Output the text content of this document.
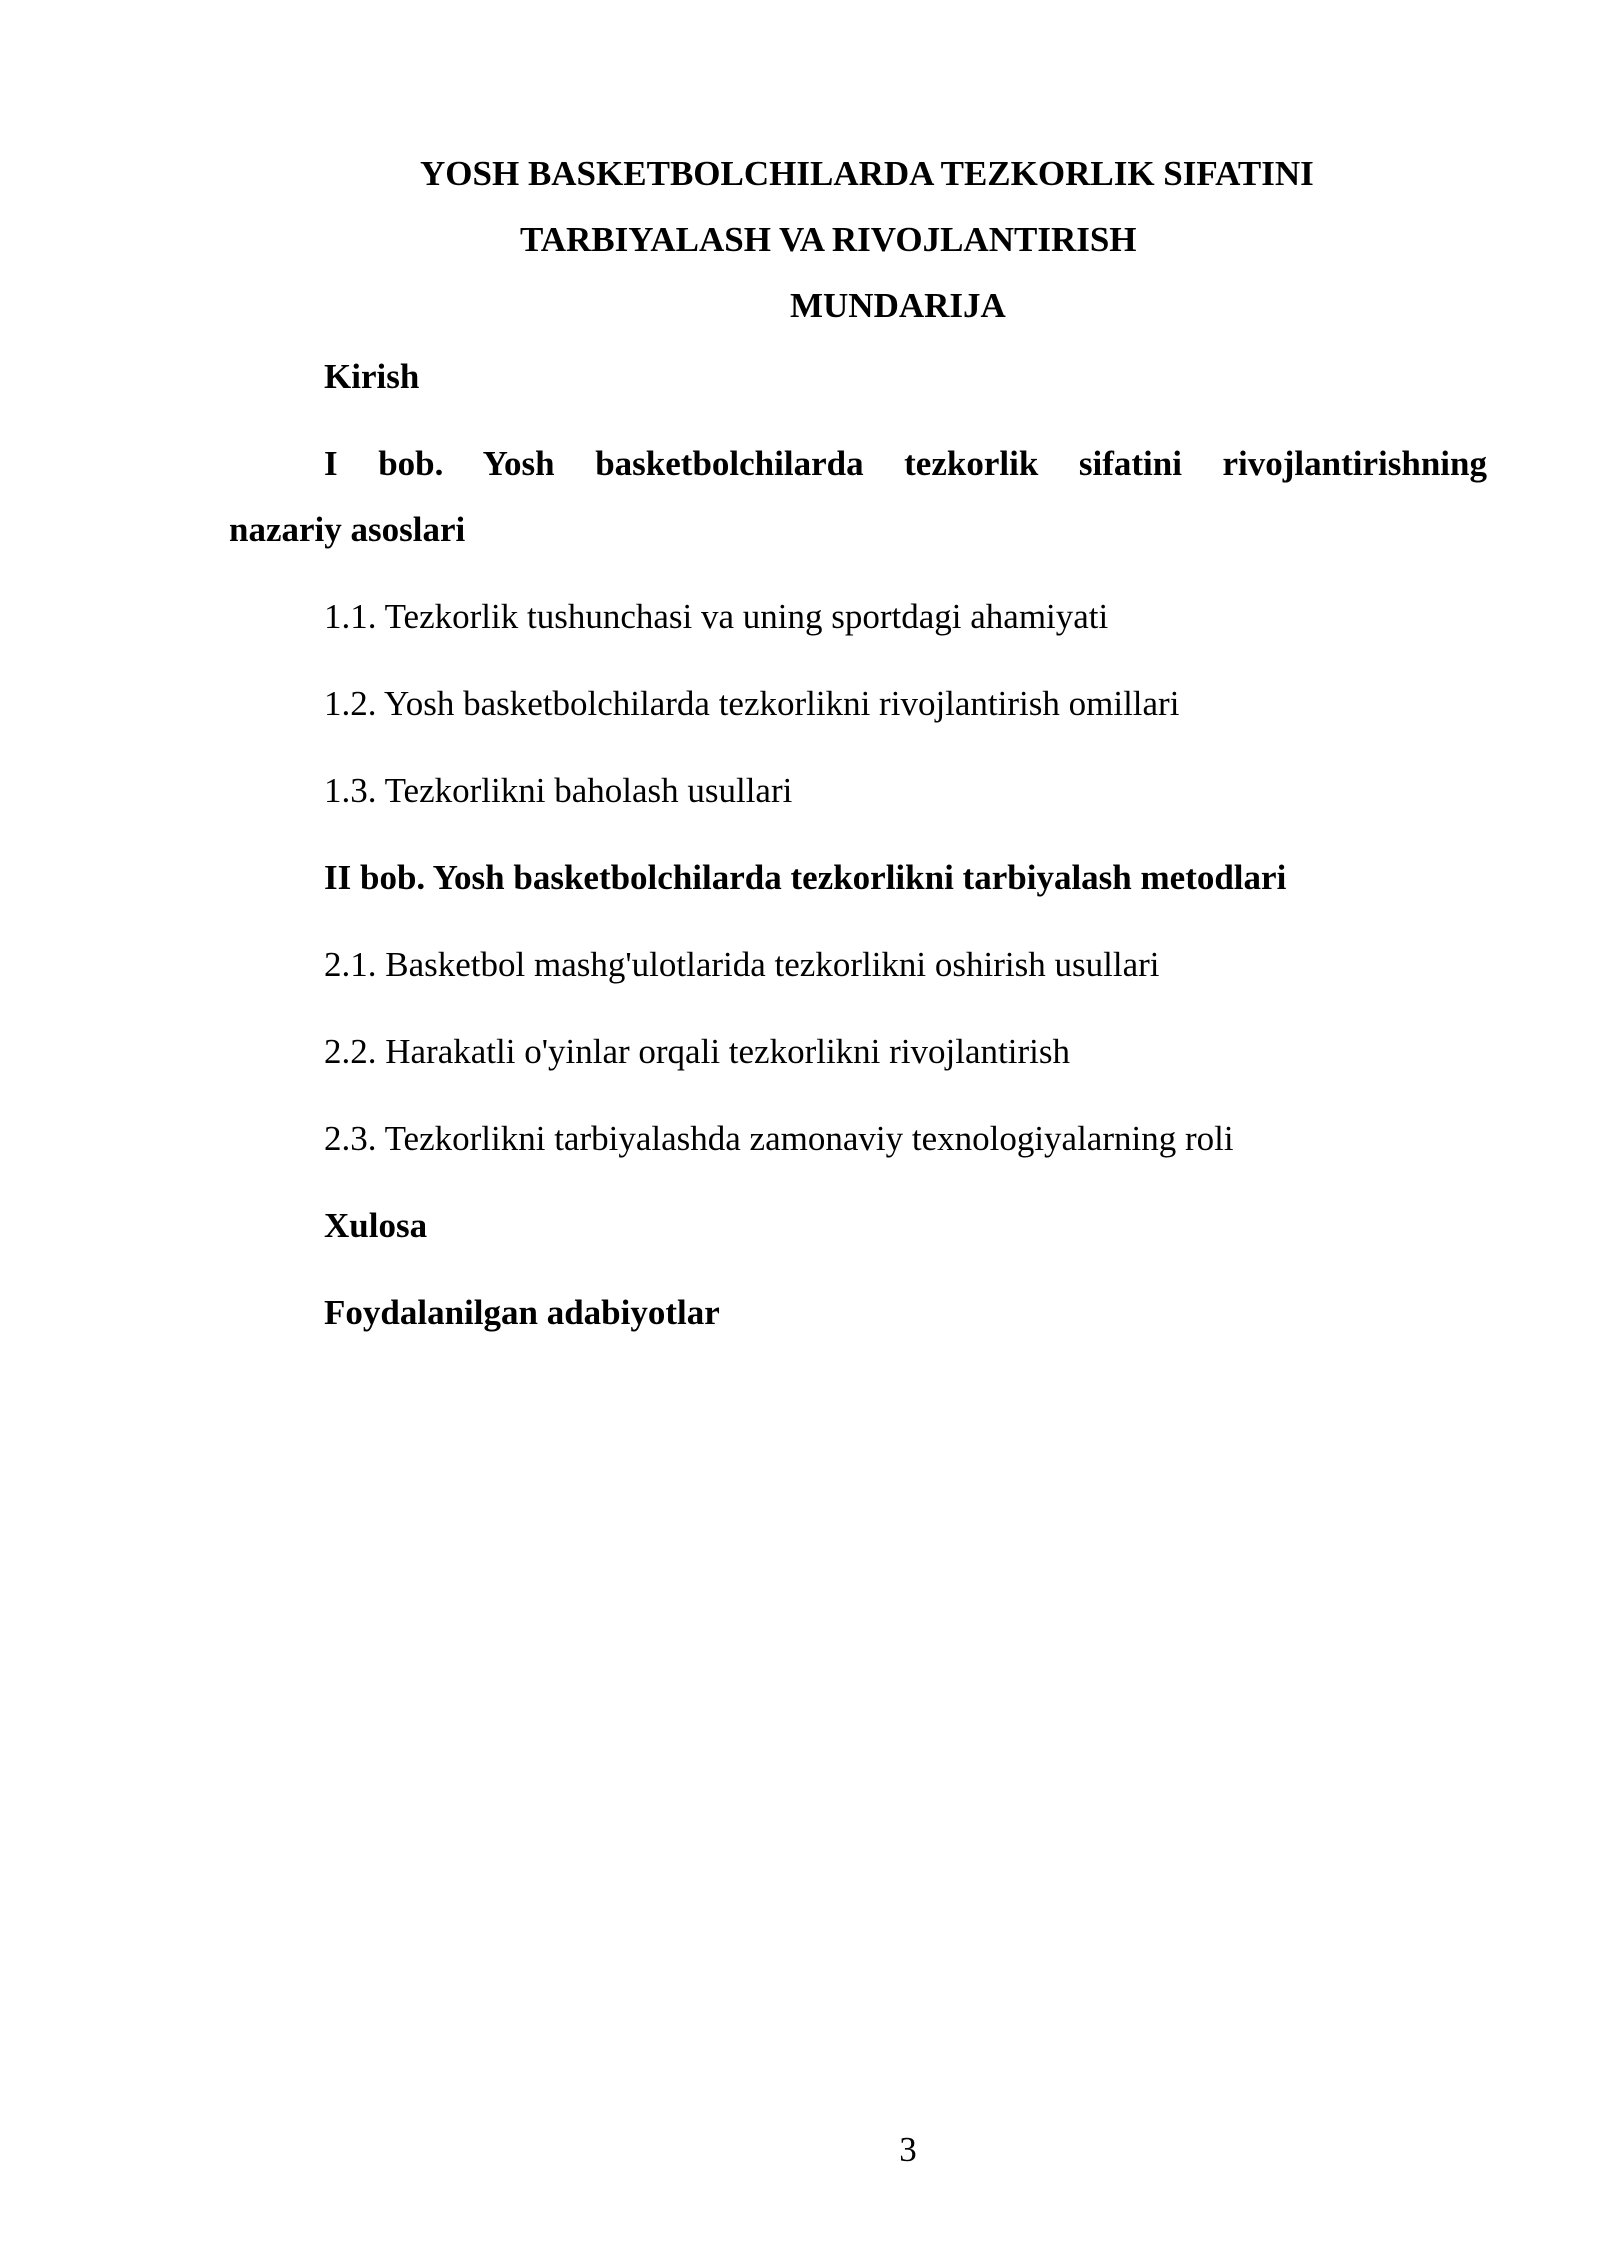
YOSH BASKETBOLCHILARDA TEZKORLIK SIFATINI
TARBIYALASH VA RIVOJLANTIRISH
MUNDARIJA
Kirish
I bob. Yosh basketbolchilarda tezkorlik sifatini rivojlantirishning
nazariy asoslari
1.1. Tezkorlik tushunchasi va uning sportdagi ahamiyati
1.2. Yosh basketbolchilarda tezkorlikni rivojlantirish omillari
1.3. Tezkorlikni baholash usullari
II bob. Yosh basketbolchilarda tezkorlikni tarbiyalash metodlari
2.1. Basketbol mashg'ulotlarida tezkorlikni oshirish usullari
2.2. Harakatli o'yinlar orqali tezkorlikni rivojlantirish
2.3. Tezkorlikni tarbiyalashda zamonaviy texnologiyalarning roli
Xulosa
Foydalanilgan adabiyotlar
3
